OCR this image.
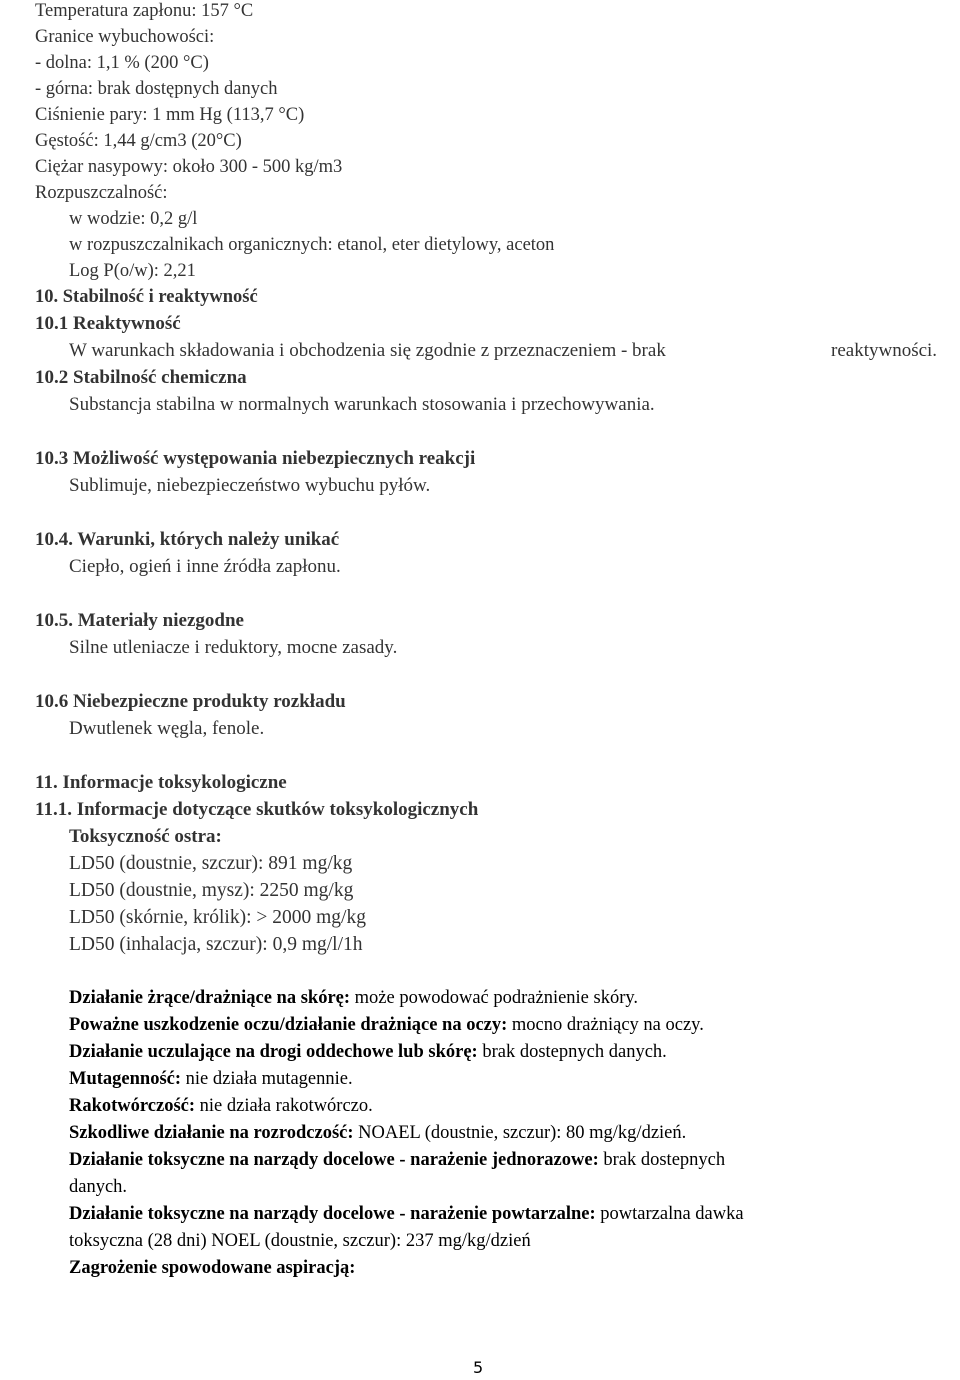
Temperatura zapłonu: 157 °C
Granice wybuchowości:
- dolna: 1,1 % (200 °C)
- górna: brak dostępnych danych
Ciśnienie pary: 1 mm Hg (113,7 °C)
Gęstość: 1,44 g/cm3 (20°C)
Ciężar nasypowy: około 300 - 500 kg/m3
Rozpuszczalność:
w wodzie: 0,2 g/l
w rozpuszczalnikach organicznych: etanol, eter dietylowy, aceton
Log P(o/w): 2,21
10. Stabilność i reaktywność
10.1 Reaktywność
W warunkach składowania i obchodzenia się zgodnie z przeznaczeniem - brak	reaktywności.
10.2 Stabilność chemiczna
Substancja stabilna w normalnych warunkach stosowania i przechowywania.
10.3 Możliwość występowania niebezpiecznych reakcji
Sublimuje, niebezpieczeństwo wybuchu pyłów.
10.4. Warunki, których należy unikać
Ciepło, ogień i inne źródła zapłonu.
10.5. Materiały niezgodne
Silne utleniacze i reduktory, mocne zasady.
10.6 Niebezpieczne produkty rozkładu
Dwutlenek węgla, fenole.
11. Informacje toksykologiczne
11.1. Informacje dotyczące skutków toksykologicznych
Toksyczność ostra:
LD50 (doustnie, szczur): 891 mg/kg
LD50 (doustnie, mysz): 2250 mg/kg
LD50 (skórnie, królik): > 2000 mg/kg
LD50 (inhalacja, szczur): 0,9 mg/l/1h
Działanie żrące/drażniące na skórę: może powodować podrażnienie skóry.
Poważne uszkodzenie oczu/działanie drażniące na oczy: mocno drażniący na oczy.
Działanie uczulające na drogi oddechowe lub skórę: brak dostepnych danych.
Mutagenność: nie działa mutagennie.
Rakotwórczość: nie działa rakotwórczo.
Szkodliwe działanie na rozrodczość: NOAEL (doustnie, szczur): 80 mg/kg/dzień.
Działanie toksyczne na narządy docelowe - narażenie jednorazowe: brak dostepnych
danych.
Działanie toksyczne na narządy docelowe - narażenie powtarzalne: powtarzalna dawka
toksyczna (28 dni) NOEL (doustnie, szczur): 237 mg/kg/dzień
Zagrożenie spowodowane aspiracją:
5
